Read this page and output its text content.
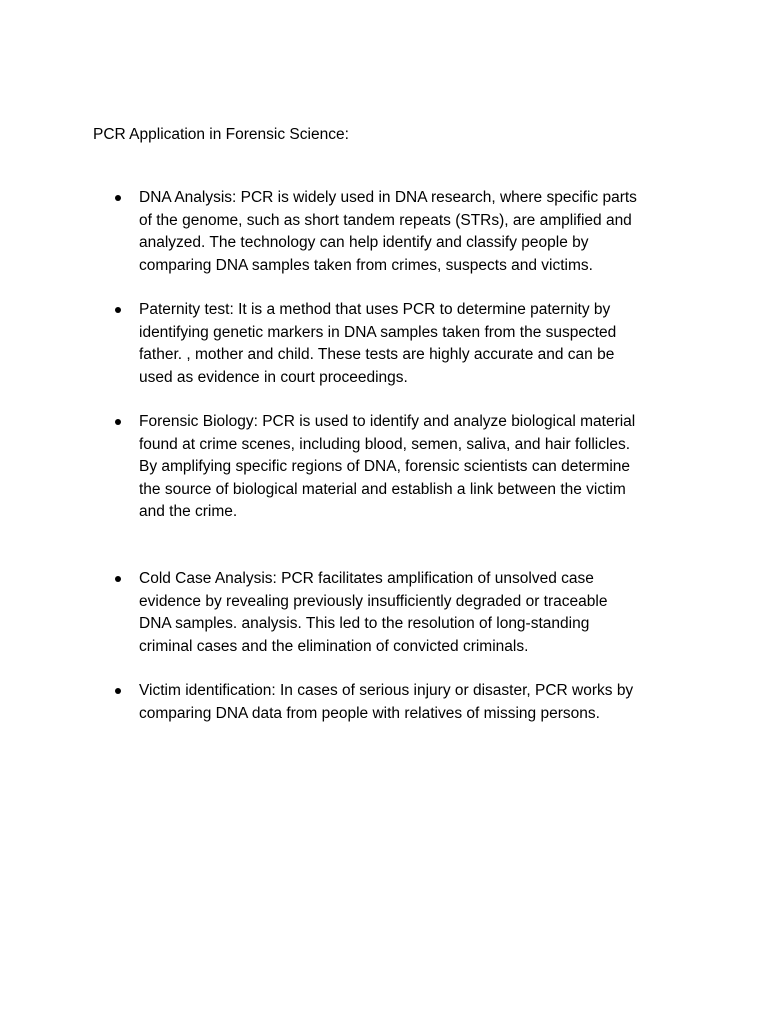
PCR Application in Forensic Science:
DNA Analysis: PCR is widely used in DNA research, where specific parts
of the genome, such as short tandem repeats (STRs), are amplified and
analyzed. The technology can help identify and classify people by
comparing DNA samples taken from crimes, suspects and victims.
Paternity test: It is a method that uses PCR to determine paternity by
identifying genetic markers in DNA samples taken from the suspected
father. , mother and child. These tests are highly accurate and can be
used as evidence in court proceedings.
Forensic Biology: PCR is used to identify and analyze biological material
found at crime scenes, including blood, semen, saliva, and hair follicles.
By amplifying specific regions of DNA, forensic scientists can determine
the source of biological material and establish a link between the victim
and the crime.
Cold Case Analysis: PCR facilitates amplification of unsolved case
evidence by revealing previously insufficiently degraded or traceable
DNA samples. analysis. This led to the resolution of long-standing
criminal cases and the elimination of convicted criminals.
Victim identification: In cases of serious injury or disaster, PCR works by
comparing DNA data from people with relatives of missing persons.
